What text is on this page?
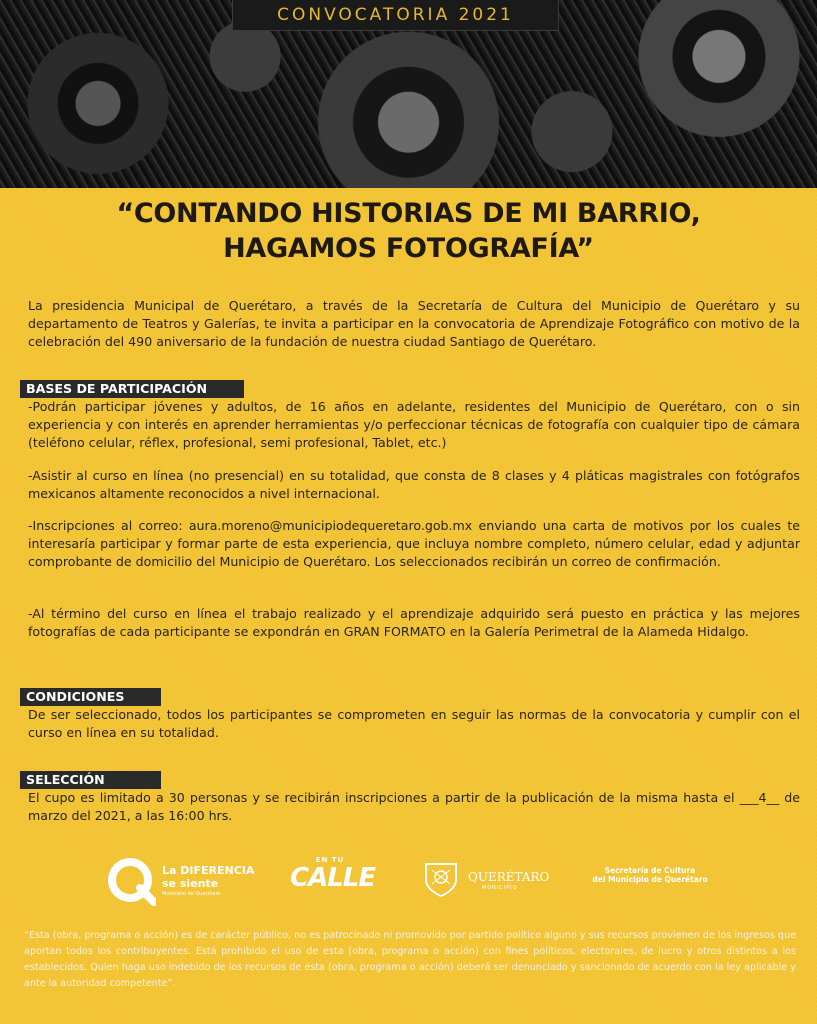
CONVOCATORIA 2021
“CONTANDO HISTORIAS DE MI BARRIO,
HAGAMOS FOTOGRAFÍA”

La presidencia Municipal de Querétaro, a través de la Secretaría de Cultura del Municipio de Querétaro y su departamento de Teatros y Galerías, te invita a participar en la convocatoria de Aprendizaje Fotográfico con motivo de la celebración del 490 aniversario de la fundación de nuestra ciudad Santiago de Querétaro.

BASES DE PARTICIPACIÓN

-Podrán participar jóvenes y adultos, de 16 años en adelante, residentes del Municipio de Querétaro, con o sin experiencia y con interés en aprender herramientas y/o perfeccionar técnicas de fotografía con cualquier tipo de cámara (teléfono celular, réflex, profesional, semi profesional, Tablet, etc.)

-Asistir al curso en línea (no presencial) en su totalidad, que consta de 8 clases y 4 pláticas magistrales con fotógrafos mexicanos altamente reconocidos a nivel internacional.

-Inscripciones al correo: aura.moreno@municipiodequeretaro.gob.mx enviando una carta de motivos por los cuales te interesaría participar y formar parte de esta experiencia, que incluya nombre completo, número celular, edad y adjuntar comprobante de domicilio del Municipio de Querétaro. Los seleccionados recibirán un correo de confirmación.

-Al término del curso en línea el trabajo realizado y el aprendizaje adquirido será puesto en práctica y las mejores fotografías de cada participante se expondrán en GRAN FORMATO en la Galería Perimetral de la Alameda Hidalgo.

CONDICIONES

De ser seleccionado, todos los participantes se comprometen en seguir las normas de la convocatoria y cumplir con el curso en línea en su totalidad.

SELECCIÓN

El cupo es limitado a 30 personas y se recibirán inscripciones a partir de la publicación de la misma hasta el ___4__ de marzo del 2021, a las 16:00 hrs.

La DIFERENCIA
se siente
Municipio de Querétaro
EN TU
CALLE	QUERÉTARO
MUNICIPIO
Secretaría de Cultura
del Municipio de Querétaro

“Esta (obra, programa o acción) es de carácter público, no es patrocinado ni promovido por partido político alguno y sus recursos provienen de los ingresos que aportan todos los contribuyentes. Está prohibido el uso de esta (obra, programa o acción) con fines políticos, electorales, de lucro y otros distintos a los establecidos. Quien haga uso indebido de los recursos de esta (obra, programa o acción) deberá ser denunciado y sancionado de acuerdo con la ley aplicable y ante la autoridad competente”.
